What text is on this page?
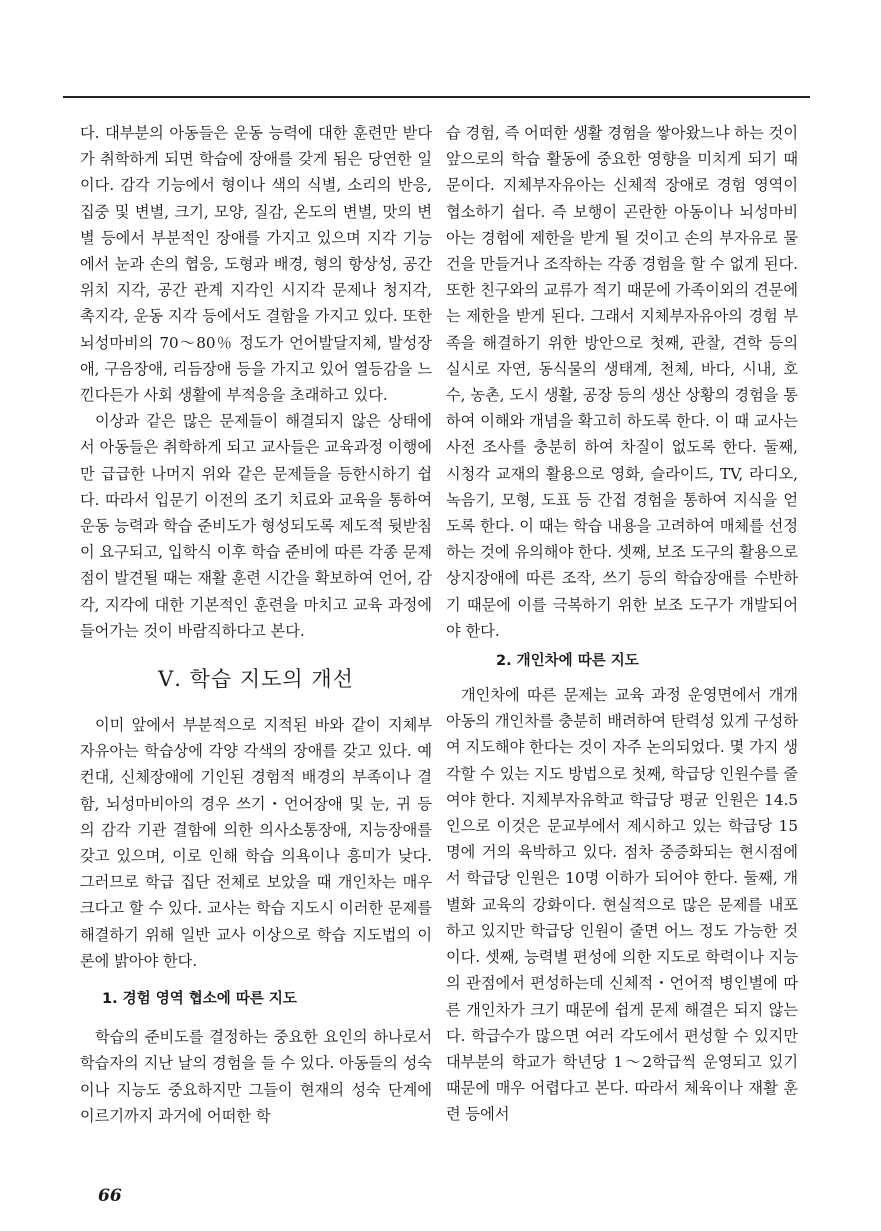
다. 대부분의 아동들은 운동 능력에 대한 훈련만 받다가 취학하게 되면 학습에 장애를 갖게 됨은 당연한 일이다. 감각 기능에서 형이나 색의 식별, 소리의 반응, 집중 및 변별, 크기, 모양, 질감, 온도의 변별, 맛의 변별 등에서 부분적인 장애를 가지고 있으며 지각 기능에서 눈과 손의 협응, 도형과 배경, 형의 항상성, 공간 위치 지각, 공간 관계 지각인 시지각 문제나 청지각, 촉지각, 운동 지각 등에서도 결함을 가지고 있다. 또한 뇌성마비의 70～80％ 정도가 언어발달지체, 발성장애, 구음장애, 리듬장애 등을 가지고 있어 열등감을 느낀다든가 사회 생활에 부적응을 초래하고 있다.

이상과 같은 많은 문제들이 해결되지 않은 상태에서 아동들은 취학하게 되고 교사들은 교육과정 이행에만 급급한 나머지 위와 같은 문제들을 등한시하기 쉽다. 따라서 입문기 이전의 조기 치료와 교육을 통하여 운동 능력과 학습 준비도가 형성되도록 제도적 뒷받침이 요구되고, 입학식 이후 학습 준비에 따른 각종 문제점이 발견될 때는 재활 훈련 시간을 확보하여 언어, 감각, 지각에 대한 기본적인 훈련을 마치고 교육 과정에 들어가는 것이 바람직하다고 본다.

Ⅴ. 학습 지도의 개선

이미 앞에서 부분적으로 지적된 바와 같이 지체부자유아는 학습상에 각양 각색의 장애를 갖고 있다. 예컨대, 신체장애에 기인된 경험적 배경의 부족이나 결함, 뇌성마비아의 경우 쓰기・언어장애 및 눈, 귀 등의 감각 기관 결함에 의한 의사소통장애, 지능장애를 갖고 있으며, 이로 인해 학습 의욕이나 흥미가 낮다. 그러므로 학급 집단 전체로 보았을 때 개인차는 매우 크다고 할 수 있다. 교사는 학습 지도시 이러한 문제를 해결하기 위해 일반 교사 이상으로 학습 지도법의 이론에 밝아야 한다.

1. 경험 영역 협소에 따른 지도

학습의 준비도를 결정하는 중요한 요인의 하나로서 학습자의 지난 날의 경험을 들 수 있다. 아동들의 성숙이나 지능도 중요하지만 그들이 현재의 성숙 단계에 이르기까지 과거에 어떠한 학

습 경험, 즉 어떠한 생활 경험을 쌓아왔느냐 하는 것이 앞으로의 학습 활동에 중요한 영향을 미치게 되기 때문이다. 지체부자유아는 신체적 장애로 경험 영역이 협소하기 쉽다. 즉 보행이 곤란한 아동이나 뇌성마비아는 경험에 제한을 받게 될 것이고 손의 부자유로 물건을 만들거나 조작하는 각종 경험을 할 수 없게 된다. 또한 친구와의 교류가 적기 때문에 가족이외의 견문에는 제한을 받게 된다. 그래서 지체부자유아의 경험 부족을 해결하기 위한 방안으로 첫째, 관찰, 견학 등의 실시로 자연, 동식물의 생태계, 천체, 바다, 시내, 호수, 농촌, 도시 생활, 공장 등의 생산 상황의 경험을 통하여 이해와 개념을 확고히 하도록 한다. 이 때 교사는 사전 조사를 충분히 하여 차질이 없도록 한다. 둘째, 시청각 교재의 활용으로 영화, 슬라이드, TV, 라디오, 녹음기, 모형, 도표 등 간접 경험을 통하여 지식을 얻도록 한다. 이 때는 학습 내용을 고려하여 매체를 선정하는 것에 유의해야 한다. 셋째, 보조 도구의 활용으로 상지장애에 따른 조작, 쓰기 등의 학습장애를 수반하기 때문에 이를 극복하기 위한 보조 도구가 개발되어야 한다.

2. 개인차에 따른 지도

개인차에 따른 문제는 교육 과정 운영면에서 개개 아동의 개인차를 충분히 배려하여 탄력성 있게 구성하여 지도해야 한다는 것이 자주 논의되었다. 몇 가지 생각할 수 있는 지도 방법으로 첫째, 학급당 인원수를 줄여야 한다. 지체부자유학교 학급당 평균 인원은 14.5인으로 이것은 문교부에서 제시하고 있는 학급당 15명에 거의 육박하고 있다. 점차 중증화되는 현시점에서 학급당 인원은 10명 이하가 되어야 한다. 둘째, 개별화 교육의 강화이다. 현실적으로 많은 문제를 내포하고 있지만 학급당 인원이 줄면 어느 정도 가능한 것이다. 셋째, 능력별 편성에 의한 지도로 학력이나 지능의 관점에서 편성하는데 신체적・언어적 병인별에 따른 개인차가 크기 때문에 쉽게 문제 해결은 되지 않는다. 학급수가 많으면 여러 각도에서 편성할 수 있지만 대부분의 학교가 학년당 1～2학급씩 운영되고 있기 때문에 매우 어렵다고 본다. 따라서 체육이나 재활 훈련 등에서

66
